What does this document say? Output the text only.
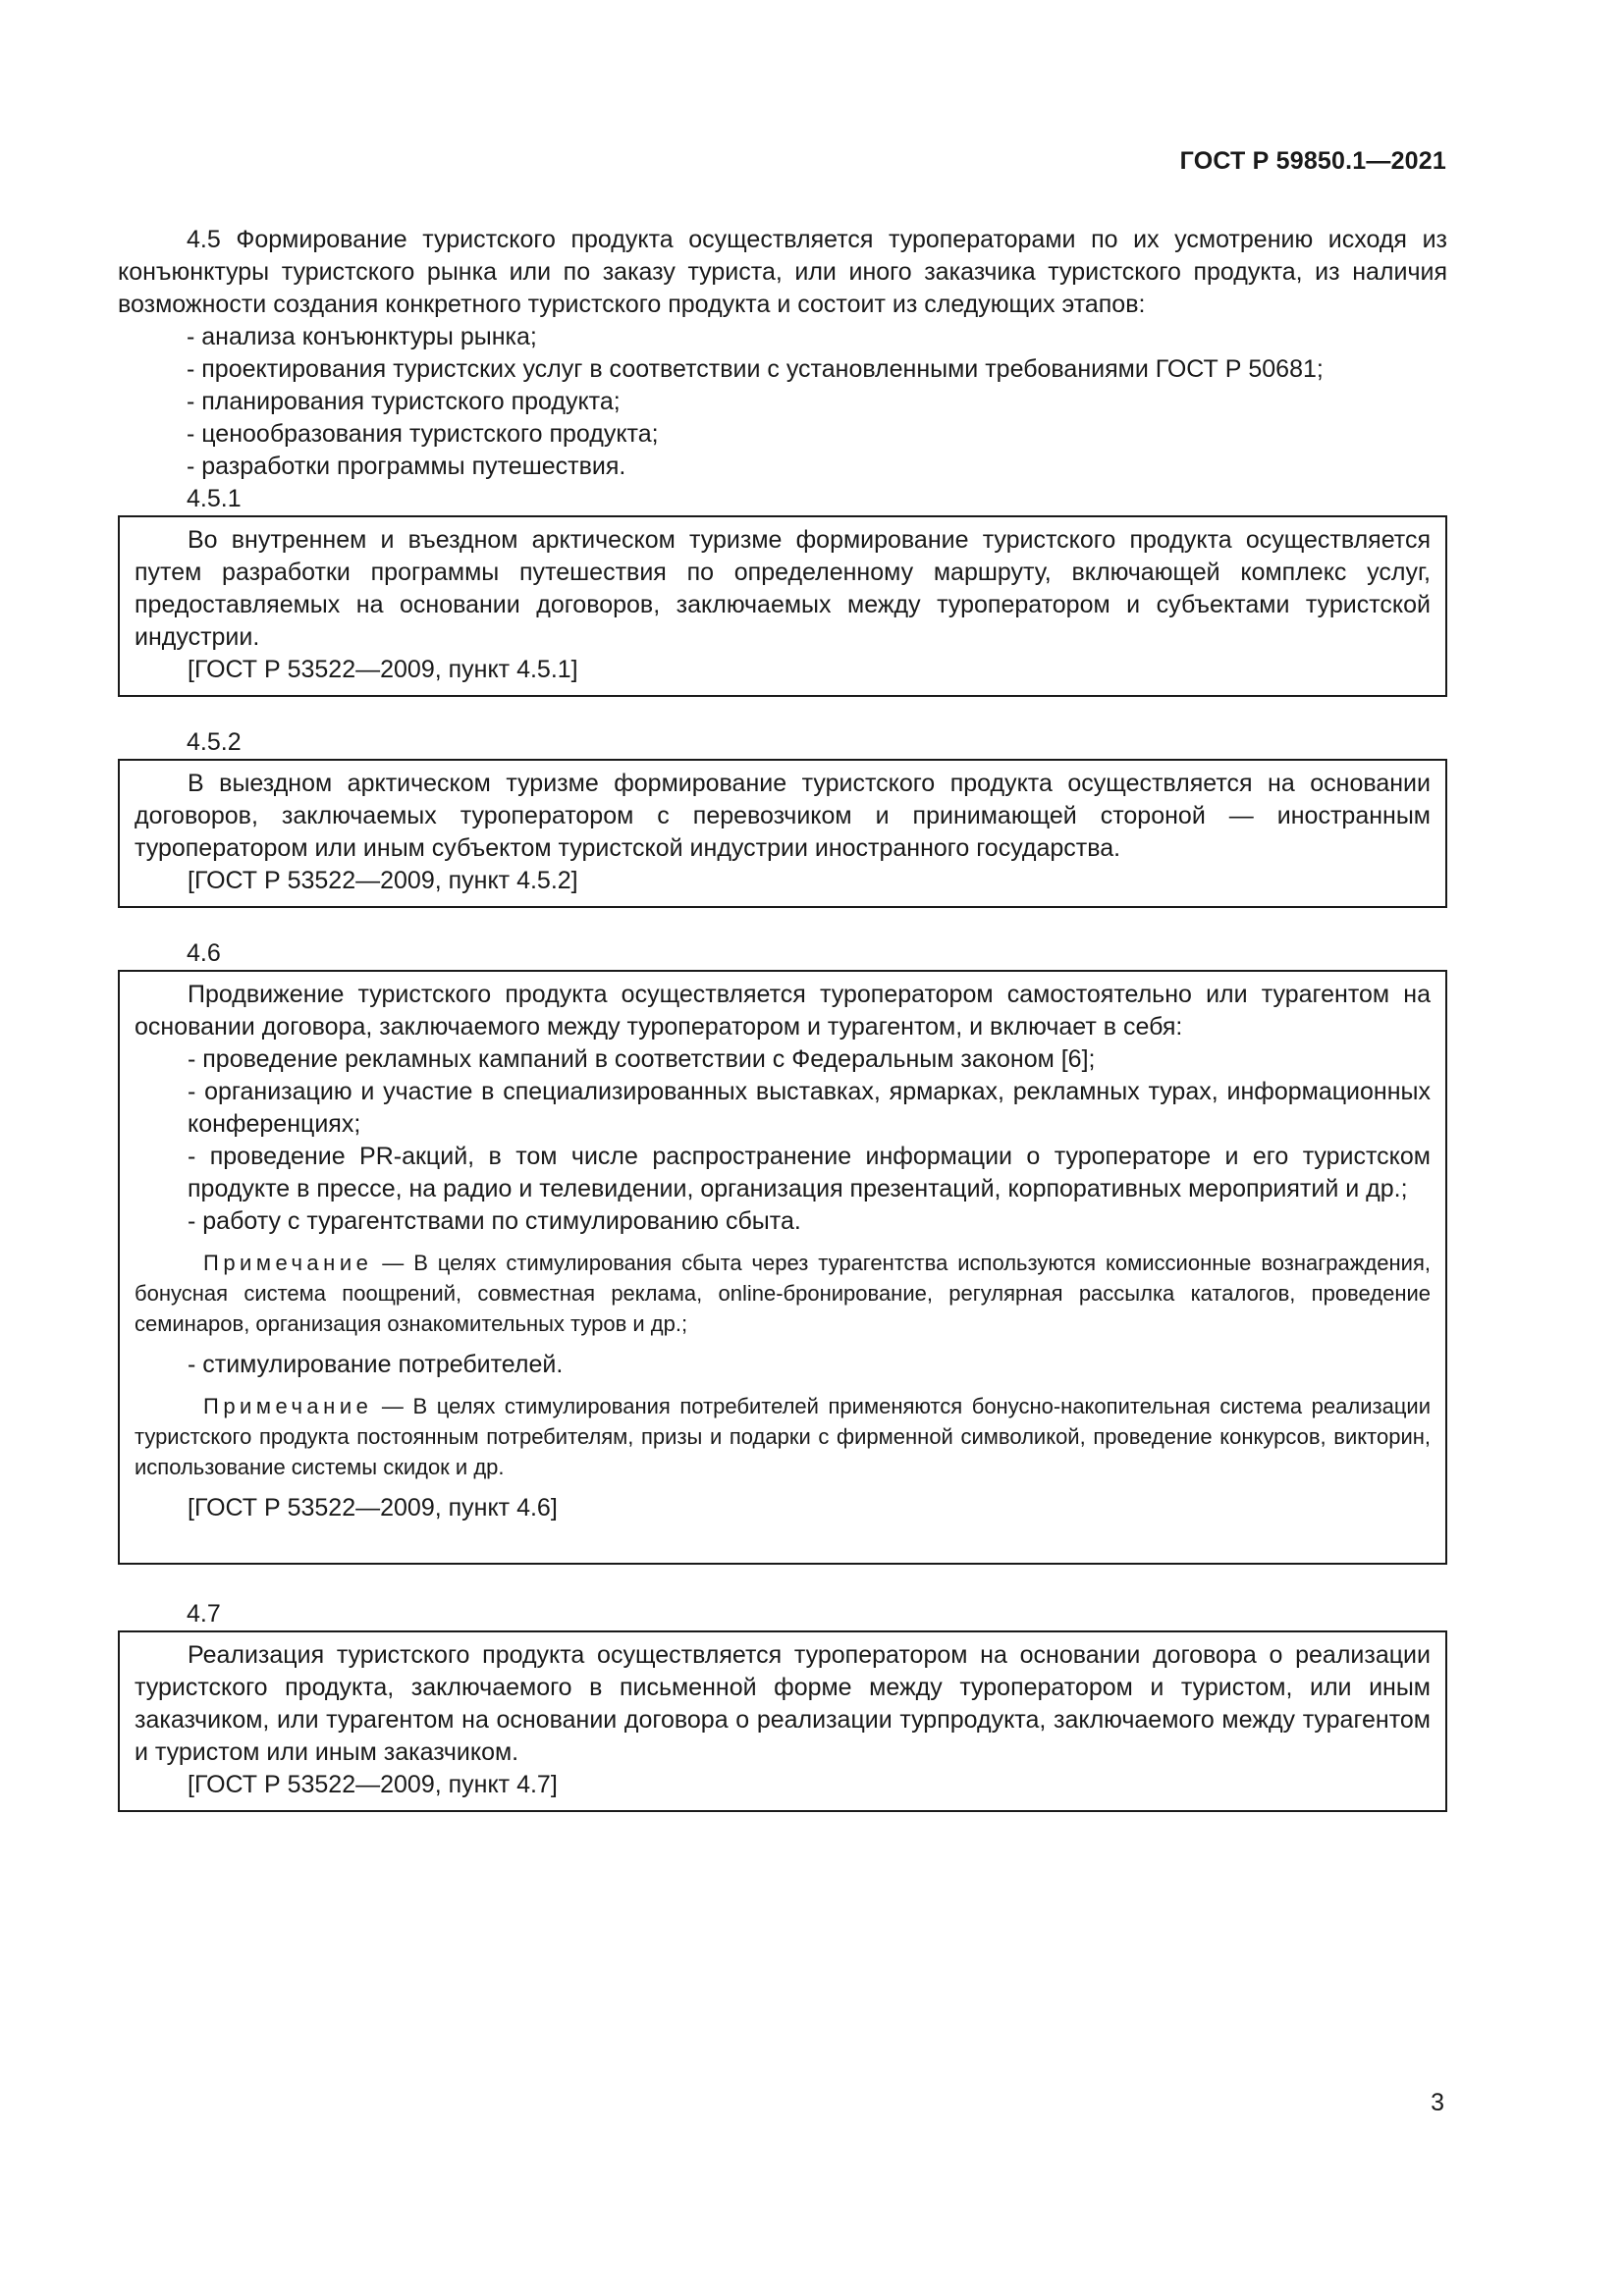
ГОСТ Р 59850.1—2021

4.5 Формирование туристского продукта осуществляется туроператорами по их усмотрению исходя из конъюнктуры туристского рынка или по заказу туриста, или иного заказчика туристского продукта, из наличия возможности создания конкретного туристского продукта и состоит из следующих этапов:

- анализа конъюнктуры рынка;

- проектирования туристских услуг в соответствии с установленными требованиями ГОСТ Р 50681;

- планирования туристского продукта;

- ценообразования туристского продукта;

- разработки программы путешествия.

4.5.1

Во внутреннем и въездном арктическом туризме формирование туристского продукта осуществляется путем разработки программы путешествия по определенному маршруту, включающей комплекс услуг, предоставляемых на основании договоров, заключаемых между туроператором и субъектами туристской индустрии.

[ГОСТ Р 53522—2009, пункт 4.5.1]

4.5.2

В выездном арктическом туризме формирование туристского продукта осуществляется на основании договоров, заключаемых туроператором с перевозчиком и принимающей стороной — иностранным туроператором или иным субъектом туристской индустрии иностранного государства.

[ГОСТ Р 53522—2009, пункт 4.5.2]

4.6

Продвижение туристского продукта осуществляется туроператором самостоятельно или турагентом на основании договора, заключаемого между туроператором и турагентом, и включает в себя:

- проведение рекламных кампаний в соответствии с Федеральным законом [6];

- организацию и участие в специализированных выставках, ярмарках, рекламных турах, информационных конференциях;

- проведение PR-акций, в том числе распространение информации о туроператоре и его туристском продукте в прессе, на радио и телевидении, организация презентаций, корпоративных мероприятий и др.;

- работу с турагентствами по стимулированию сбыта.

Примечание — В целях стимулирования сбыта через турагентства используются комиссионные вознаграждения, бонусная система поощрений, совместная реклама, online-бронирование, регулярная рассылка каталогов, проведение семинаров, организация ознакомительных туров и др.;

- стимулирование потребителей.

Примечание — В целях стимулирования потребителей применяются бонусно-накопительная система реализации туристского продукта постоянным потребителям, призы и подарки с фирменной символикой, проведение конкурсов, викторин, использование системы скидок и др.

[ГОСТ Р 53522—2009, пункт 4.6]

4.7

Реализация туристского продукта осуществляется туроператором на основании договора о реализации туристского продукта, заключаемого в письменной форме между туроператором и туристом, или иным заказчиком, или турагентом на основании договора о реализации турпродукта, заключаемого между турагентом и туристом или иным заказчиком.

[ГОСТ Р 53522—2009, пункт 4.7]

3
